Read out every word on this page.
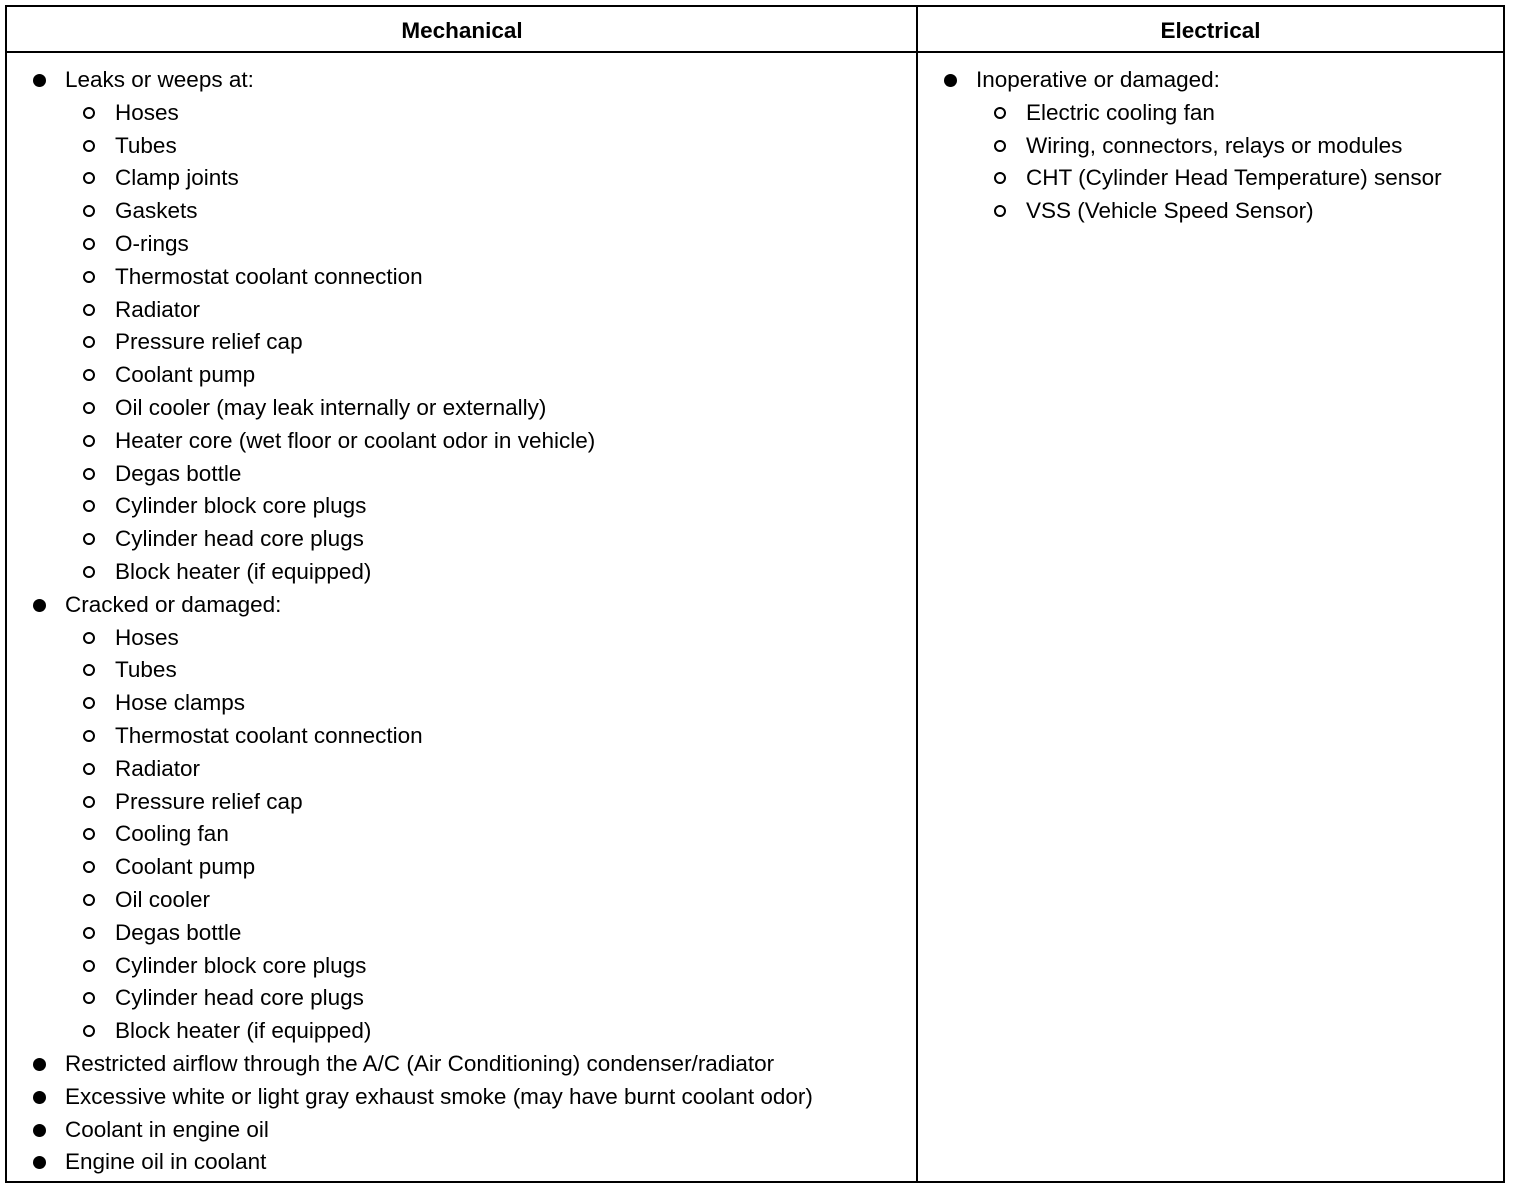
Mechanical	Electrical
Leaks or weeps at:
Hoses
Tubes
Clamp joints
Gaskets
O-rings
Thermostat coolant connection
Radiator
Pressure relief cap
Coolant pump
Oil cooler (may leak internally or externally)
Heater core (wet floor or coolant odor in vehicle)
Degas bottle
Cylinder block core plugs
Cylinder head core plugs
Block heater (if equipped)
Cracked or damaged:
Hoses
Tubes
Hose clamps
Thermostat coolant connection
Radiator
Pressure relief cap
Cooling fan
Coolant pump
Oil cooler
Degas bottle
Cylinder block core plugs
Cylinder head core plugs
Block heater (if equipped)
Restricted airflow through the A/C (Air Conditioning) condenser/radiator
Excessive white or light gray exhaust smoke (may have burnt coolant odor)
Coolant in engine oil
Engine oil in coolant
Inoperative or damaged:
Electric cooling fan
Wiring, connectors, relays or modules
CHT (Cylinder Head Temperature) sensor
VSS (Vehicle Speed Sensor)
